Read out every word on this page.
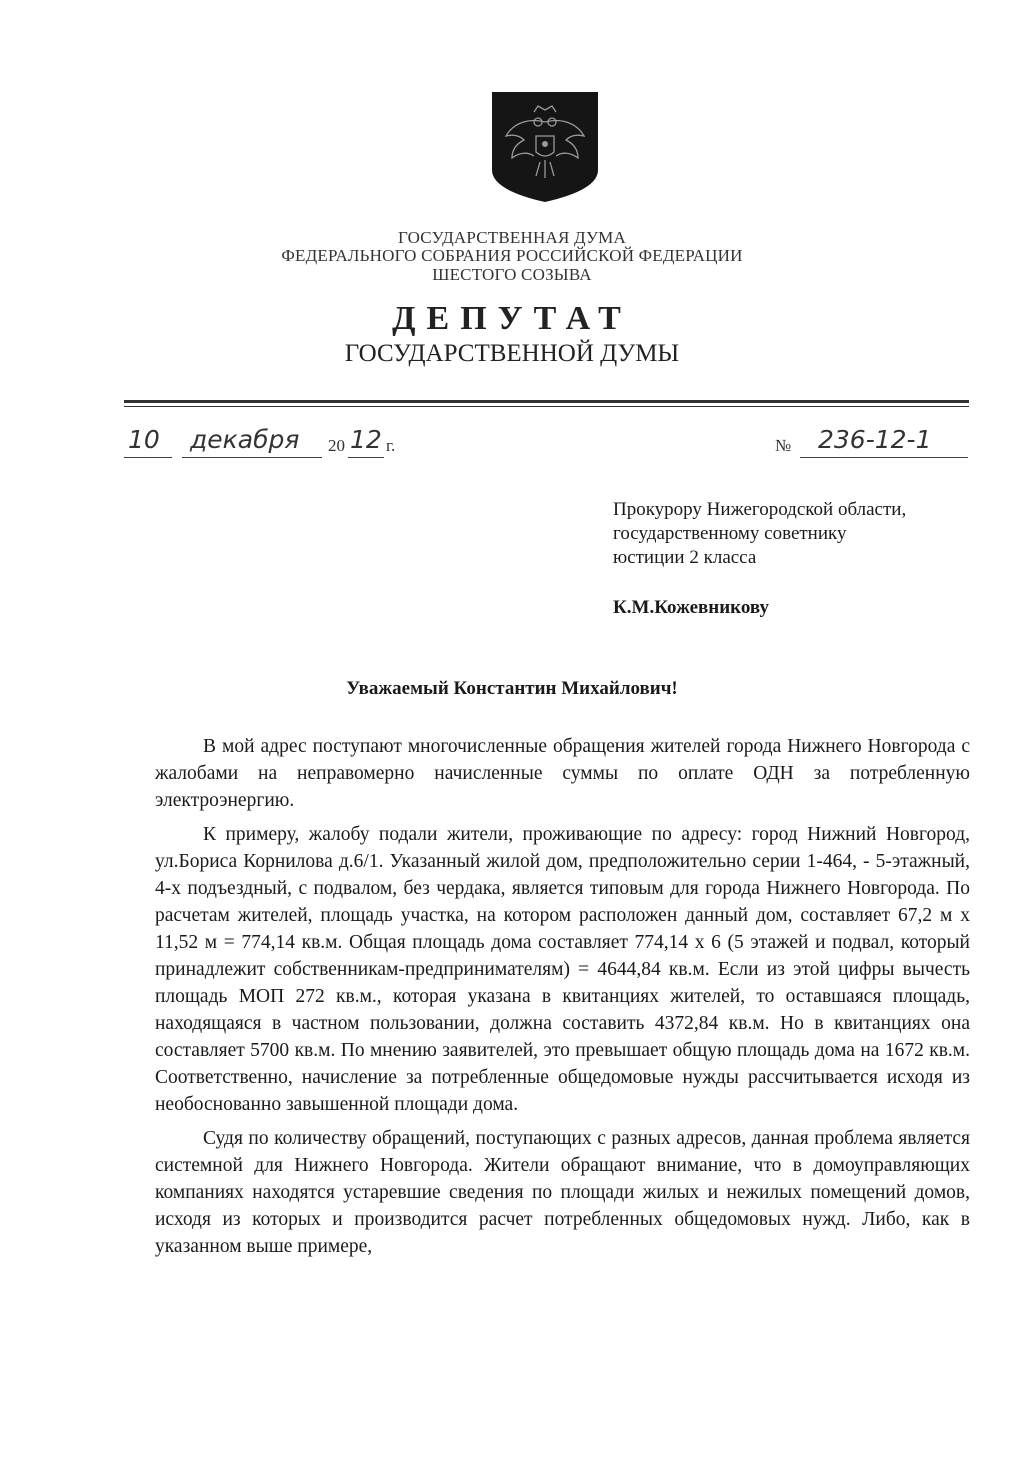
ГОСУДАРСТВЕННАЯ ДУМА
ФЕДЕРАЛЬНОГО СОБРАНИЯ РОССИЙСКОЙ ФЕДЕРАЦИИ
ШЕСТОГО СОЗЫВА
ДЕПУТАТ
ГОСУДАРСТВЕННОЙ ДУМЫ
10 декабря 20 12 г.	№ 236-12-1
Прокурору Нижегородской области,
государственному советнику
юстиции 2 класса
К.М.Кожевникову
Уважаемый Константин Михайлович!

В мой адрес поступают многочисленные обращения жителей города Нижнего Новгорода с жалобами на неправомерно начисленные суммы по оплате ОДН за потребленную электроэнергию.

К примеру, жалобу подали жители, проживающие по адресу: город Нижний Новгород, ул.Бориса Корнилова д.6/1. Указанный жилой дом, предположительно серии 1-464, - 5-этажный, 4-х подъездный, с подвалом, без чердака, является типовым для города Нижнего Новгорода. По расчетам жителей, площадь участка, на котором расположен данный дом, составляет 67,2 м х 11,52 м = 774,14 кв.м. Общая площадь дома составляет 774,14 х 6 (5 этажей и подвал, который принадлежит собственникам-предпринимателям) = 4644,84 кв.м. Если из этой цифры вычесть площадь МОП 272 кв.м., которая указана в квитанциях жителей, то оставшаяся площадь, находящаяся в частном пользовании, должна составить 4372,84 кв.м. Но в квитанциях она составляет 5700 кв.м. По мнению заявителей, это превышает общую площадь дома на 1672 кв.м. Соответственно, начисление за потребленные общедомовые нужды рассчитывается исходя из необоснованно завышенной площади дома.

Судя по количеству обращений, поступающих с разных адресов, данная проблема является системной для Нижнего Новгорода. Жители обращают внимание, что в домоуправляющих компаниях находятся устаревшие сведения по площади жилых и нежилых помещений домов, исходя из которых и производится расчет потребленных общедомовых нужд. Либо, как в указанном выше примере,
